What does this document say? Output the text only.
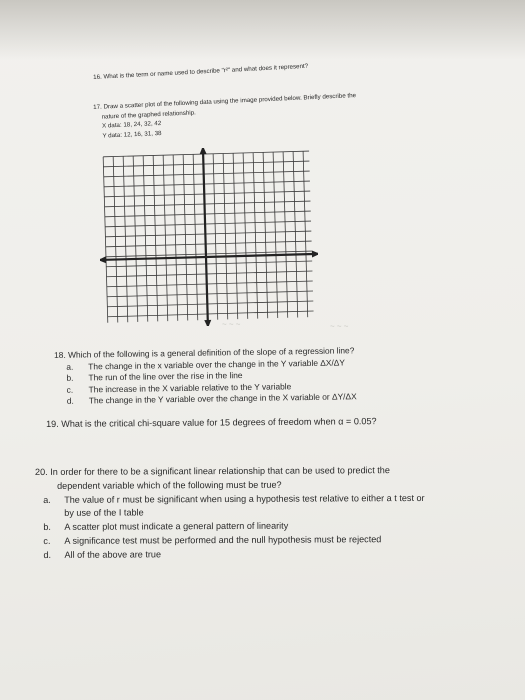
16. What is the term or name used to describe "r²" and what does it represent?
17. Draw a scatter plot of the following data using the image provided below. Briefly describe the
nature of the graphed relationship.
X data: 18, 24, 32, 42
Y data: 12, 16, 31, 38
~ ~ ~	~ ~ ~
18. Which of the following is a general definition of the slope of a regression line?
a.	The change in the x variable over the change in the Y variable ΔX/ΔY
b.	The run of the line over the rise in the line
c.	The increase in the X variable relative to the Y variable
d.	The change in the Y variable over the change in the X variable or ΔY/ΔX
19. What is the critical chi-square value for 15 degrees of freedom when α = 0.05?
20. In order for there to be a significant linear relationship that can be used to predict the
dependent variable which of the following must be true?
a.	The value of r must be significant when using a hypothesis test relative to either a t test or
by use of the I table
b.	A scatter plot must indicate a general pattern of linearity
c.	A significance test must be performed and the null hypothesis must be rejected
d.	All of the above are true
